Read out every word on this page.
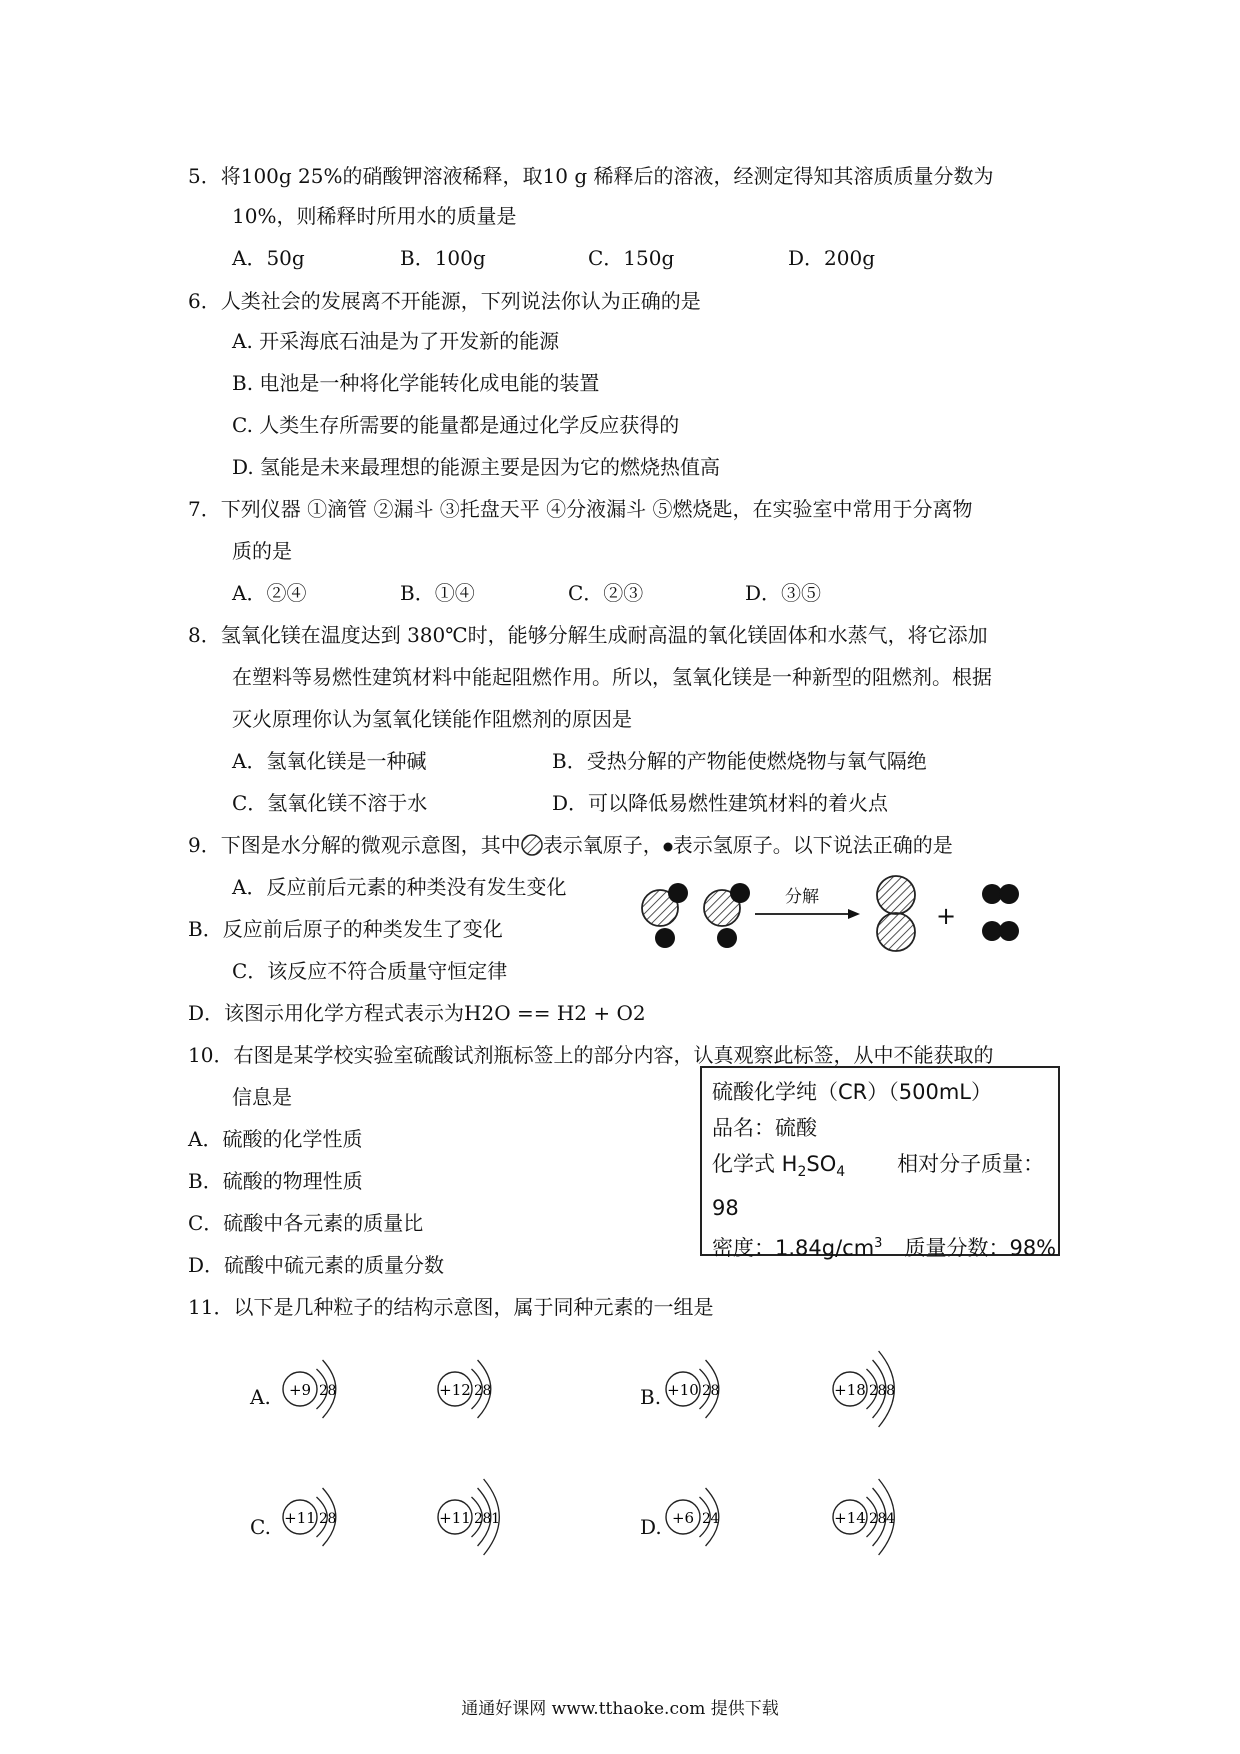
5．将100g 25%的硝酸钾溶液稀释，取10 g 稀释后的溶液，经测定得知其溶质质量分数为
10%，则稀释时所用水的质量是
A．50g	B．100g	C．150g	D．200g
6．人类社会的发展离不开能源，下列说法你认为正确的是
A. 开采海底石油是为了开发新的能源
B. 电池是一种将化学能转化成电能的装置
C. 人类生存所需要的能量都是通过化学反应获得的
D. 氢能是未来最理想的能源主要是因为它的燃烧热值高
7．下列仪器 ①滴管 ②漏斗 ③托盘天平 ④分液漏斗 ⑤燃烧匙，在实验室中常用于分离物
质的是
A．②④	B．①④	C．②③	D．③⑤
8．氢氧化镁在温度达到 380℃时，能够分解生成耐高温的氧化镁固体和水蒸气，将它添加
在塑料等易燃性建筑材料中能起阻燃作用。所以，氢氧化镁是一种新型的阻燃剂。根据
灭火原理你认为氢氧化镁能作阻燃剂的原因是
A．氢氧化镁是一种碱	B．受热分解的产物能使燃烧物与氧气隔绝
C．氢氧化镁不溶于水	D．可以降低易燃性建筑材料的着火点
9．下图是水分解的微观示意图，其中 表示氧原子， 表示氢原子。以下说法正确的是
A．反应前后元素的种类没有发生变化
B．反应前后原子的种类发生了变化
C．该反应不符合质量守恒定律
D．该图示用化学方程式表示为H2O == H2 + O2
分解
+
10．右图是某学校实验室硫酸试剂瓶标签上的部分内容，认真观察此标签，从中不能获取的
信息是
A．硫酸的化学性质
B．硫酸的物理性质
C．硫酸中各元素的质量比
D．硫酸中硫元素的质量分数
硫酸化学纯（CR）（500mL）
品名：硫酸
化学式 $H_2SO_4$ 相对分子质量：
98
密度：$1.84g/cm^3$ 质量分数：98%
11．以下是几种粒子的结构示意图，属于同种元素的一组是
A.	B.
C.	D.
+9 2 8	+12 2 8	+10 2 8	+18 2 8 8
+11 2 8	+11 2 8 1	+6 2 4	+14 2 8 4
通通好课网 www.tthaoke.com 提供下载
